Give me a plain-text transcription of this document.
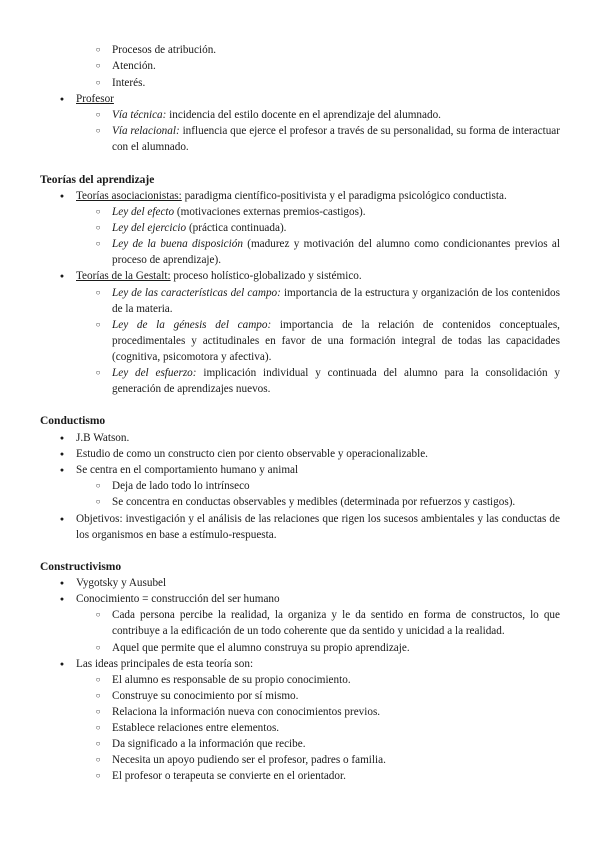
○	Procesos de atribución.
○	Atención.
○	Interés.
●	Profesor
○	Vía técnica: incidencia del estilo docente en el aprendizaje del alumnado.
○	Vía relacional: influencia que ejerce el profesor a través de su personalidad, su forma de interactuar con el alumnado.
Teorías del aprendizaje
●	Teorías asociacionistas: paradigma científico-positivista y el paradigma psicológico conductista.
○	Ley del efecto (motivaciones externas premios-castigos).
○	Ley del ejercicio (práctica continuada).
○	Ley de la buena disposición (madurez y motivación del alumno como condicionantes previos al proceso de aprendizaje).
●	Teorías de la Gestalt: proceso holístico-globalizado y sistémico.
○	Ley de las características del campo: importancia de la estructura y organización de los contenidos de la materia.
○	Ley de la génesis del campo: importancia de la relación de contenidos conceptuales, procedimentales y actitudinales en favor de una formación integral de todas las capacidades (cognitiva, psicomotora y afectiva).
○	Ley del esfuerzo: implicación individual y continuada del alumno para la consolidación y generación de aprendizajes nuevos.
Conductismo
●	J.B Watson.
●	Estudio de como un constructo cien por ciento observable y operacionalizable.
●	Se centra en el comportamiento humano y animal
○	Deja de lado todo lo intrínseco
○	Se concentra en conductas observables y medibles (determinada por refuerzos y castigos).
●	Objetivos: investigación y el análisis de las relaciones que rigen los sucesos ambientales y las conductas de los organismos en base a estímulo-respuesta.
Constructivismo
●	Vygotsky y Ausubel
●	Conocimiento = construcción del ser humano
○	Cada persona percibe la realidad, la organiza y le da sentido en forma de constructos, lo que contribuye a la edificación de un todo coherente que da sentido y unicidad a la realidad.
○	Aquel que permite que el alumno construya su propio aprendizaje.
●	Las ideas principales de esta teoría son:
○	El alumno es responsable de su propio conocimiento.
○	Construye su conocimiento por sí mismo.
○	Relaciona la información nueva con conocimientos previos.
○	Establece relaciones entre elementos.
○	Da significado a la información que recibe.
○	Necesita un apoyo pudiendo ser el profesor, padres o familia.
○	El profesor o terapeuta se convierte en el orientador.
